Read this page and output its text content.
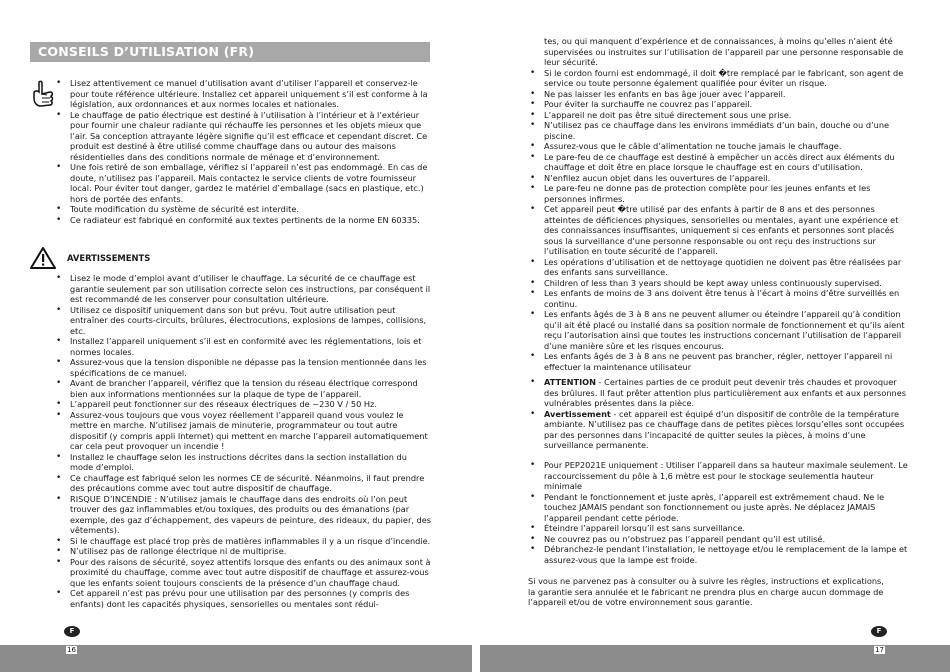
CONSEILS D’UTILISATION (FR)
• Lisez attentivement ce manuel d’utilisation avant d’utiliser l’appareil et conservez-le pour toute référence ultérieure. Installez cet appareil uniquement s’il est conforme à la législation, aux ordonnances et aux normes locales et nationales.
• Le chauffage de patio électrique est destiné à l’utilisation à l’intérieur et à l’extérieur pour fournir une chaleur radiante qui réchauffe les personnes et les objets mieux que l’air. Sa conception attrayante légère signifie qu’il est efficace et cependant discret. Ce produit est destiné à être utilisé comme chauffage dans ou autour des maisons résidentielles dans des conditions normale de ménage et d’environnement.
• Une fois retiré de son emballage, vérifiez si l’appareil n’est pas endommagé. En cas de doute, n’utilisez pas l’appareil. Mais contactez le service clients de votre fournisseur local. Pour éviter tout danger, gardez le matériel d’emballage (sacs en plastique, etc.) hors de portée des enfants.
• Toute modification du système de sécurité est interdite.
• Ce radiateur est fabriqué en conformité aux textes pertinents de la norme EN 60335.
AVERTISSEMENTS
• Lisez le mode d’emploi avant d’utiliser le chauffage. La sécurité de ce chauffage est garantie seulement par son utilisation correcte selon ces instructions, par conséquent il est recommandé de les conserver pour consultation ultérieure.
• Utilisez ce dispositif uniquement dans son but prévu. Tout autre utilisation peut entraîner des courts-circuits, brûlures, électrocutions, explosions de lampes, collisions, etc.
• Installez l’appareil uniquement s’il est en conformité avec les réglementations, lois et normes locales.
• Assurez-vous que la tension disponible ne dépasse pas la tension mentionnée dans les spécifications de ce manuel.
• Avant de brancher l’appareil, vérifiez que la tension du réseau électrique correspond bien aux informations mentionnées sur la plaque de type de l’appareil.
• L’appareil peut fonctionner sur des réseaux électriques de ~230 V / 50 Hz.
• Assurez-vous toujours que vous voyez réellement l’appareil quand vous voulez le mettre en marche. N’utilisez jamais de minuterie, programmateur ou tout autre dispositif (y compris appli Internet) qui mettent en marche l’appareil automatiquement car cela peut provoquer un incendie !
• Installez le chauffage selon les instructions décrites dans la section installation du mode d’emploi.
• Ce chauffage est fabriqué selon les normes CE de sécurité. Néanmoins, il faut prendre des précautions comme avec tout autre dispositif de chauffage.
• RISQUE D’INCENDIE : N’utilisez jamais le chauffage dans des endroits où l’on peut trouver des gaz inflammables et/ou toxiques, des produits ou des émanations (par exemple, des gaz d’échappement, des vapeurs de peinture, des rideaux, du papier, des vêtements).
• Si le chauffage est placé trop près de matières inflammables il y a un risque d’incendie.
• N’utilisez pas de rallonge électrique ni de multiprise.
• Pour des raisons de sécurité, soyez attentifs lorsque des enfants ou des animaux sont à proximité du chauffage, comme avec tout autre dispositif de chauffage et assurez-vous que les enfants soient toujours conscients de la présence d’un chauffage chaud.
• Cet appareil n’est pas prévu pour une utilisation par des personnes (y compris des enfants) dont les capacités physiques, sensorielles ou mentales sont rédui-
F
16
tes, ou qui manquent d’expérience et de connaissances, à moins qu’elles n’aient été supervisées ou instruites sur l’utilisation de l’appareil par une personne responsable de leur sécurité.
• Si le cordon fourni est endommagé, il doit �tre remplacé par le fabricant, son agent de service ou toute personne également qualifiée pour éviter un risque.
• Ne pas laisser les enfants en bas âge jouer avec l’appareil.
• Pour éviter la surchauffe ne couvrez pas l’appareil.
• L’appareil ne doit pas être situé directement sous une prise.
• N’utilisez pas ce chauffage dans les environs immédiats d’un bain, douche ou d’une piscine.
• Assurez-vous que le câble d’alimentation ne touche jamais le chauffage.
• Le pare-feu de ce chauffage est destiné à empêcher un accès direct aux éléments du chauffage et doit être en place lorsque le chauffage est en cours d’utilisation.
• N’enfilez aucun objet dans les ouvertures de l’appareil.
• Le pare-feu ne donne pas de protection complète pour les jeunes enfants et les personnes infirmes.
• Cet appareil peut �tre utilisé par des enfants à partir de 8 ans et des personnes atteintes de déficiences physiques, sensorielles ou mentales, ayant une expérience et des connaissances insuffisantes, uniquement si ces enfants et personnes sont placés sous la surveillance d’une personne responsable ou ont reçu des instructions sur l’utilisation en toute sécurité de l’appareil.
• Les opérations d’utilisation et de nettoyage quotidien ne doivent pas être réalisées par des enfants sans surveillance.
• Children of less than 3 years should be kept away unless continuously supervised.
• Les enfants de moins de 3 ans doivent être tenus à l’écart à moins d’être surveillés en continu.
• Les enfants âgés de 3 à 8 ans ne peuvent allumer ou éteindre l’appareil qu’à condition qu’il ait été placé ou installé dans sa position normale de fonctionnement et qu’ils aient reçu l’autorisation ainsi que toutes les instructions concernant l’utilisation de l’appareil d’une manière sûre et les risques encourus.
• Les enfants âgés de 3 à 8 ans ne peuvent pas brancher, régler, nettoyer l’appareil ni effectuer la maintenance utilisateur
• ATTENTION - Certaines parties de ce produit peut devenir très chaudes et provoquer des brûlures. Il faut prêter attention plus particulièrement aux enfants et aux personnes vulnérables présentes dans la pièce.
• Avertissement - cet appareil est équipé d’un dispositif de contrôle de la température ambiante. N’utilisez pas ce chauffage dans de petites pièces lorsqu’elles sont occupées par des personnes dans l’incapacité de quitter seules la pièces, à moins d’une surveillance permanente.
• Pour PEP2021E uniquement : Utiliser l’appareil dans sa hauteur maximale seulement. Le raccourcissement du pôle à 1,6 mètre est pour le stockage seulementla hauteur minimale
• Pendant le fonctionnement et juste après, l’appareil est extrêmement chaud. Ne le touchez JAMAIS pendant son fonctionnement ou juste après. Ne déplacez JAMAIS l’appareil pendant cette période.
• Éteindre l’appareil lorsqu’il est sans surveillance.
• Ne couvrez pas ou n’obstruez pas l’appareil pendant qu’il est utilisé.
• Débranchez-le pendant l’installation, le nettoyage et/ou le remplacement de la lampe et assurez-vous que la lampe est froide.
Si vous ne parvenez pas à consulter ou à suivre les règles, instructions et explications, la garantie sera annulée et le fabricant ne prendra plus en charge aucun dommage de l’appareil et/ou de votre environnement sous garantie.
F
17
